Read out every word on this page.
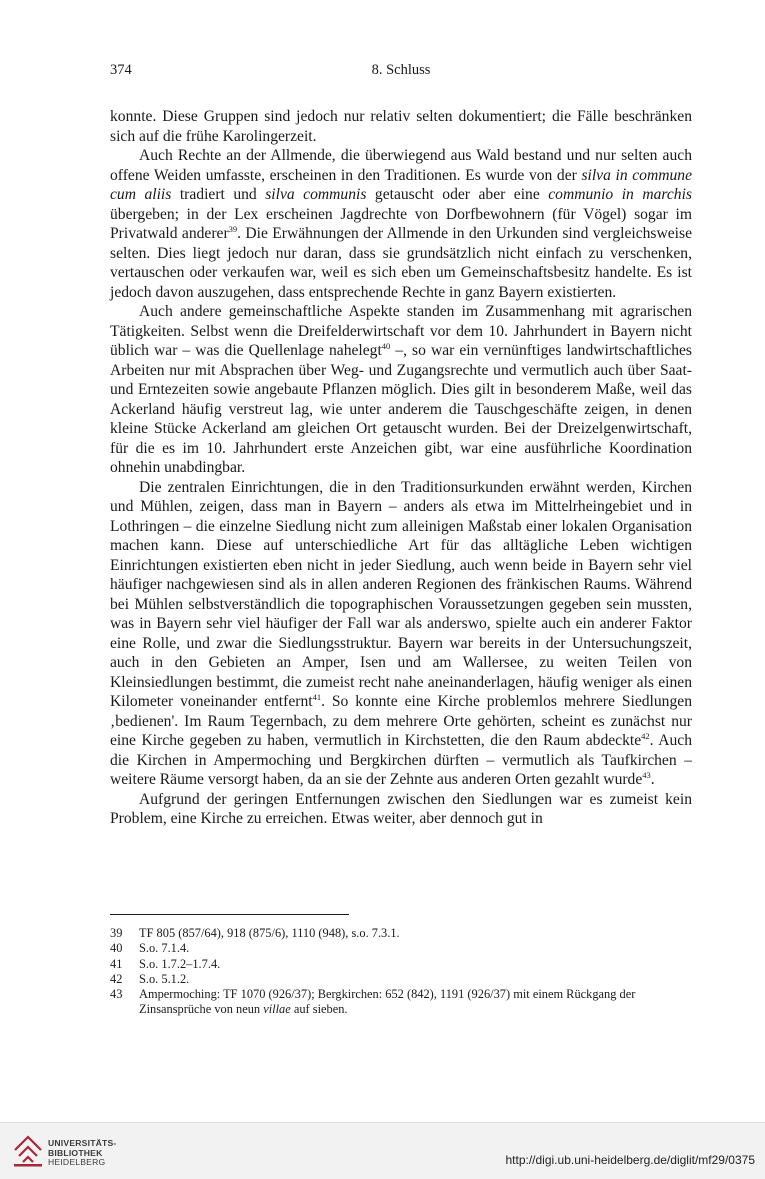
374	8. Schluss

konnte. Diese Gruppen sind jedoch nur relativ selten dokumentiert; die Fälle beschränken sich auf die frühe Karolingerzeit.

Auch Rechte an der Allmende, die überwiegend aus Wald bestand und nur selten auch offene Weiden umfasste, erscheinen in den Traditionen. Es wurde von der silva in commune cum aliis tradiert und silva communis getauscht oder aber eine communio in marchis übergeben; in der Lex erscheinen Jagdrechte von Dorfbewohnern (für Vögel) sogar im Privatwald anderer$^{39}$. Die Erwähnungen der Allmende in den Urkunden sind vergleichsweise selten. Dies liegt jedoch nur daran, dass sie grundsätzlich nicht einfach zu verschenken, vertauschen oder verkaufen war, weil es sich eben um Gemeinschaftsbesitz handelte. Es ist jedoch davon auszugehen, dass entsprechende Rechte in ganz Bayern existierten.

Auch andere gemeinschaftliche Aspekte standen im Zusammenhang mit agrarischen Tätigkeiten. Selbst wenn die Dreifelderwirtschaft vor dem 10. Jahrhundert in Bayern nicht üblich war – was die Quellenlage nahelegt$^{40}$ –, so war ein vernünftiges landwirtschaftliches Arbeiten nur mit Absprachen über Weg- und Zugangsrechte und vermutlich auch über Saat- und Erntezeiten sowie angebaute Pflanzen möglich. Dies gilt in besonderem Maße, weil das Ackerland häufig verstreut lag, wie unter anderem die Tauschgeschäfte zeigen, in denen kleine Stücke Ackerland am gleichen Ort getauscht wurden. Bei der Dreizelgenwirtschaft, für die es im 10. Jahrhundert erste Anzeichen gibt, war eine ausführliche Koordination ohnehin unabdingbar.

Die zentralen Einrichtungen, die in den Traditionsurkunden erwähnt werden, Kirchen und Mühlen, zeigen, dass man in Bayern – anders als etwa im Mittelrheingebiet und in Lothringen – die einzelne Siedlung nicht zum alleinigen Maßstab einer lokalen Organisation machen kann. Diese auf unterschiedliche Art für das alltägliche Leben wichtigen Einrichtungen existierten eben nicht in jeder Siedlung, auch wenn beide in Bayern sehr viel häufiger nachgewiesen sind als in allen anderen Regionen des fränkischen Raums. Während bei Mühlen selbstverständlich die topographischen Voraussetzungen gegeben sein mussten, was in Bayern sehr viel häufiger der Fall war als anderswo, spielte auch ein anderer Faktor eine Rolle, und zwar die Siedlungsstruktur. Bayern war bereits in der Untersuchungszeit, auch in den Gebieten an Amper, Isen und am Wallersee, zu weiten Teilen von Kleinsiedlungen bestimmt, die zumeist recht nahe aneinanderlagen, häufig weniger als einen Kilometer voneinander entfernt$^{41}$. So konnte eine Kirche problemlos mehrere Siedlungen ‚bedienen'. Im Raum Tegernbach, zu dem mehrere Orte gehörten, scheint es zunächst nur eine Kirche gegeben zu haben, vermutlich in Kirchstetten, die den Raum abdeckte$^{42}$. Auch die Kirchen in Ampermoching und Bergkirchen dürften – vermutlich als Taufkirchen – weitere Räume versorgt haben, da an sie der Zehnte aus anderen Orten gezahlt wurde$^{43}$.

Aufgrund der geringen Entfernungen zwischen den Siedlungen war es zumeist kein Problem, eine Kirche zu erreichen. Etwas weiter, aber dennoch gut in

39 TF 805 (857/64), 918 (875/6), 1110 (948), s.o. 7.3.1.
40 S.o. 7.1.4.
41 S.o. 1.7.2–1.7.4.
42 S.o. 5.1.2.
43 Ampermoching: TF 1070 (926/37); Bergkirchen: 652 (842), 1191 (926/37) mit einem Rückgang der Zinsansprüche von neun villae auf sieben.
UNIVERSITÄTS-
BIBLIOTHEK
HEIDELBERG	http://digi.ub.uni-heidelberg.de/diglit/mf29/0375
